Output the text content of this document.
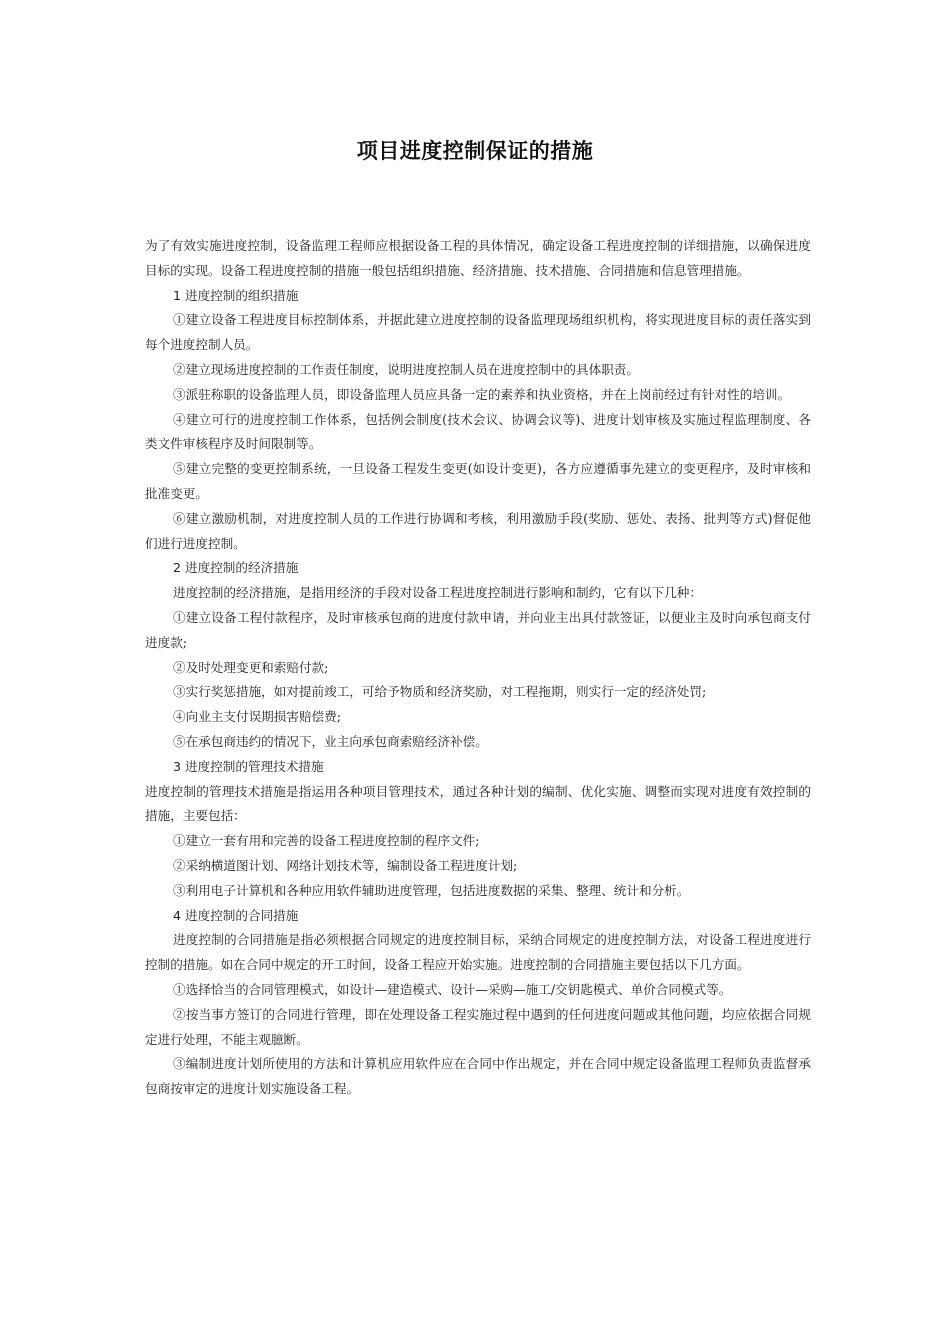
项目进度控制保证的措施

为了有效实施进度控制，设备监理工程师应根据设备工程的具体情况，确定设备工程进度控制的详细措施，以确保进度目标的实现。设备工程进度控制的措施一般包括组织措施、经济措施、技术措施、合同措施和信息管理措施。

1 进度控制的组织措施

①建立设备工程进度目标控制体系，并据此建立进度控制的设备监理现场组织机构，将实现进度目标的责任落实到每个进度控制人员。

②建立现场进度控制的工作责任制度，说明进度控制人员在进度控制中的具体职责。

③派驻称职的设备监理人员，即设备监理人员应具备一定的素养和执业资格，并在上岗前经过有针对性的培训。

④建立可行的进度控制工作体系，包括例会制度(技术会议、协调会议等)、进度计划审核及实施过程监理制度、各类文件审核程序及时间限制等。

⑤建立完整的变更控制系统，一旦设备工程发生变更(如设计变更)，各方应遵循事先建立的变更程序，及时审核和批准变更。

⑥建立激励机制，对进度控制人员的工作进行协调和考核，利用激励手段(奖励、惩处、表扬、批判等方式)督促他们进行进度控制。

2 进度控制的经济措施

进度控制的经济措施，是指用经济的手段对设备工程进度控制进行影响和制约，它有以下几种：

①建立设备工程付款程序，及时审核承包商的进度付款申请，并向业主出具付款签证，以便业主及时向承包商支付进度款;

②及时处理变更和索赔付款;

③实行奖惩措施，如对提前竣工，可给予物质和经济奖励，对工程拖期，则实行一定的经济处罚;

④向业主支付误期损害赔偿费;

⑤在承包商违约的情况下，业主向承包商索赔经济补偿。

3 进度控制的管理技术措施

进度控制的管理技术措施是指运用各种项目管理技术，通过各种计划的编制、优化实施、调整而实现对进度有效控制的措施，主要包括：

①建立一套有用和完善的设备工程进度控制的程序文件;

②采纳横道图计划、网络计划技术等，编制设备工程进度计划;

③利用电子计算机和各种应用软件辅助进度管理，包括进度数据的采集、整理、统计和分析。

4 进度控制的合同措施

进度控制的合同措施是指必须根据合同规定的进度控制目标，采纳合同规定的进度控制方法，对设备工程进度进行控制的措施。如在合同中规定的开工时间，设备工程应开始实施。进度控制的合同措施主要包括以下几方面。

①选择恰当的合同管理模式，如设计—建造模式、设计—采购—施工/交钥匙模式、单价合同模式等。

②按当事方签订的合同进行管理，即在处理设备工程实施过程中遇到的任何进度问题或其他问题，均应依据合同规定进行处理，不能主观臆断。

③编制进度计划所使用的方法和计算机应用软件应在合同中作出规定，并在合同中规定设备监理工程师负责监督承包商按审定的进度计划实施设备工程。
